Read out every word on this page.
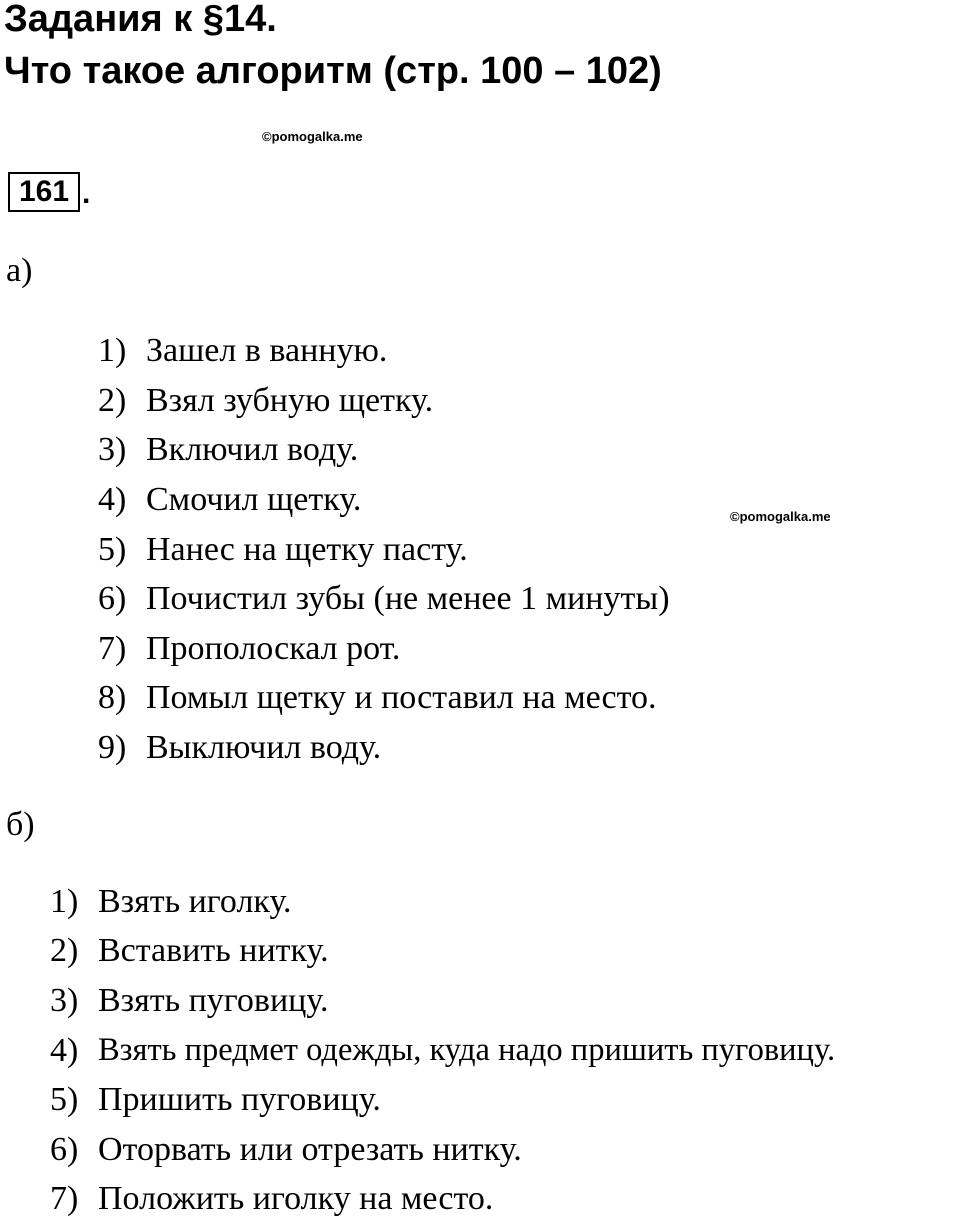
Задания к §14.
Что такое алгоритм (стр. 100 – 102)
©pomogalka.me
©pomogalka.me
161 .
а)
1) Зашел в ванную.
2) Взял зубную щетку.
3) Включил воду.
4) Смочил щетку.
5) Нанес на щетку пасту.
6) Почистил зубы (не менее 1 минуты)
7) Прополоскал рот.
8) Помыл щетку и поставил на место.
9) Выключил воду.
б)
1) Взять иголку.
2) Вставить нитку.
3) Взять пуговицу.
4) Взять предмет одежды, куда надо пришить пуговицу.
5) Пришить пуговицу.
6) Оторвать или отрезать нитку.
7) Положить иголку на место.
